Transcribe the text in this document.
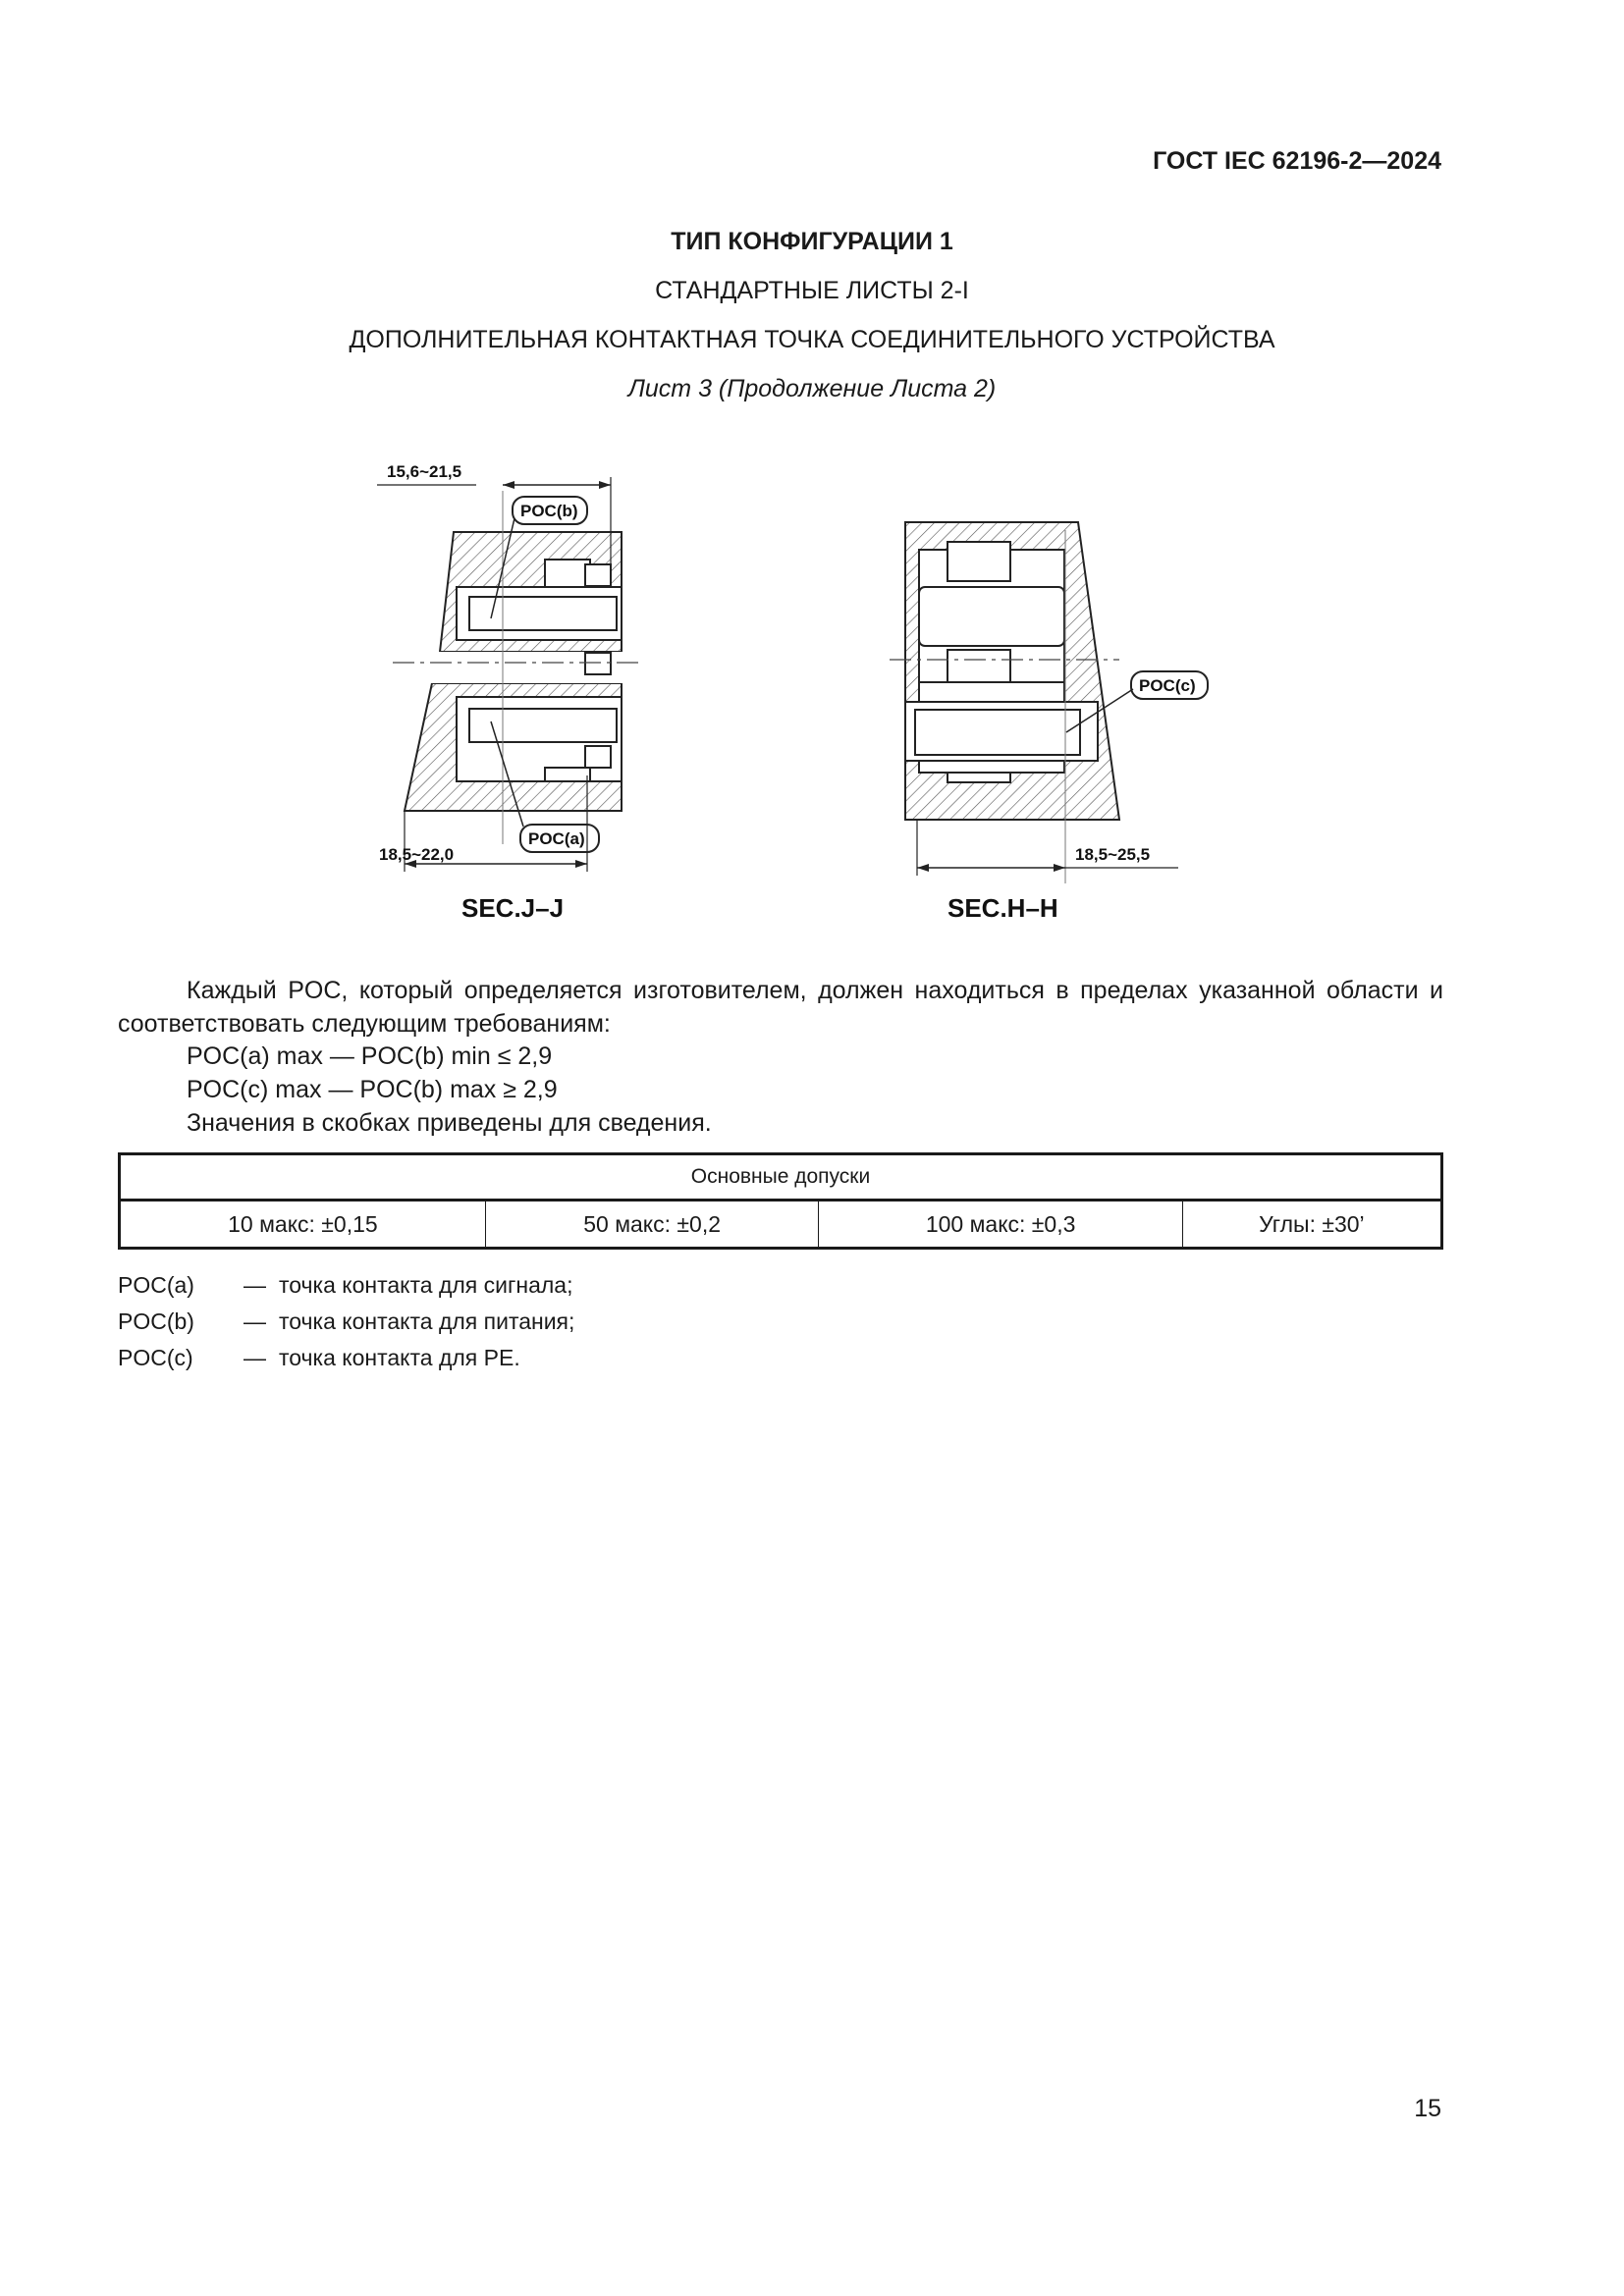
ГОСТ IEC 62196-2—2024

ТИП КОНФИГУРАЦИИ 1

СТАНДАРТНЫЕ ЛИСТЫ 2-I

ДОПОЛНИТЕЛЬНАЯ КОНТАКТНАЯ ТОЧКА СОЕДИНИТЕЛЬНОГО УСТРОЙСТВА

Лист 3 (Продолжение Листа 2)

15,6~21,5
POC(b)
POC(a)
18,5~22,0
SEC.J–J
POC(c)
18,5~25,5
SEC.H–H

Каждый POC, который определяется изготовителем, должен находиться в пределах указанной области и соответствовать следующим требованиям:

POC(a) max — POC(b) min ≤ 2,9

POC(c) max — POC(b) max ≥ 2,9

Значения в скобках приведены для сведения.

Основные допуски
10 макс: ±0,15	50 макс: ±0,2	100 макс: ±0,3	Углы: ±30’
POC(a)	— точка контакта для сигнала;
POC(b)	— точка контакта для питания;
POC(c)	— точка контакта для PE.

15
